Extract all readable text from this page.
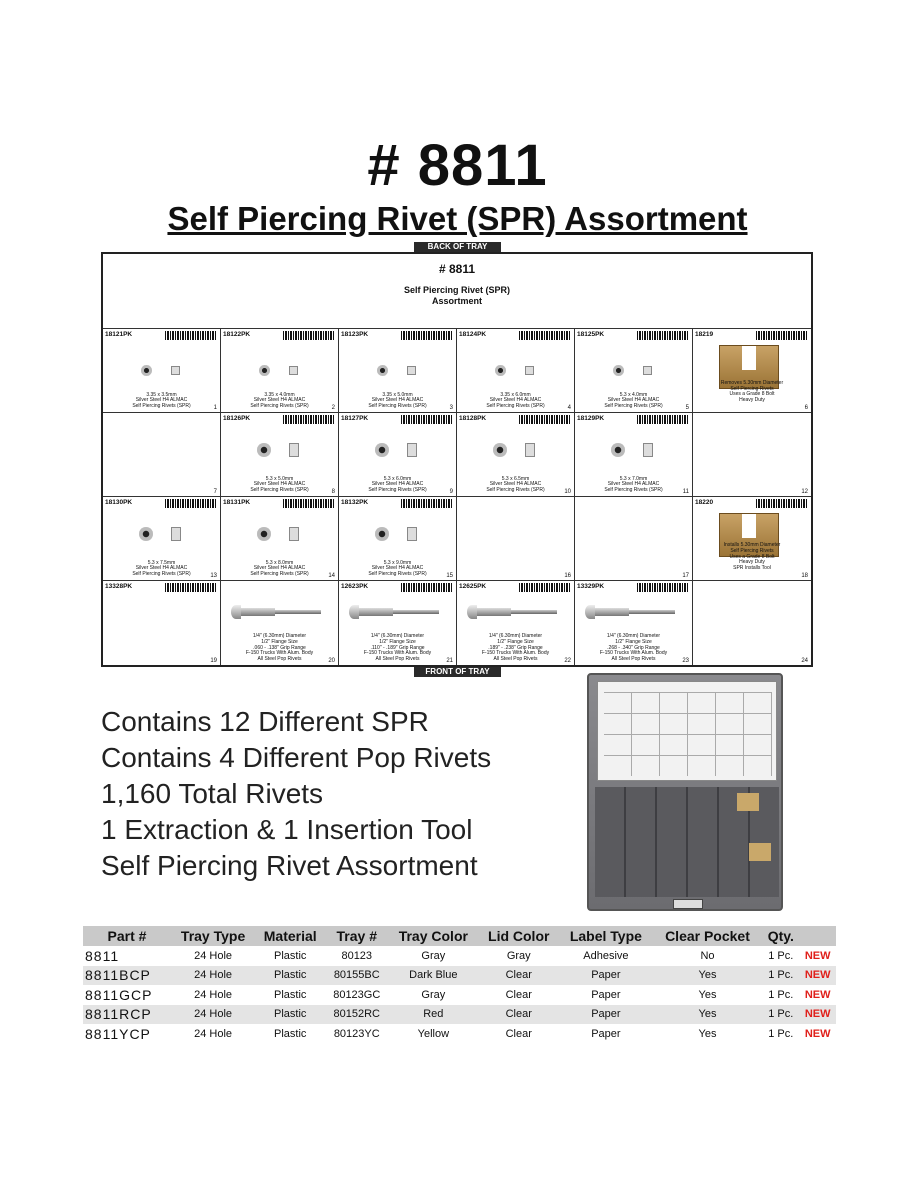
# 8811
Self Piercing Rivet (SPR) Assortment
BACK OF TRAY
# 8811
Self Piercing Rivet (SPR)
Assortment
18121PK
3.35 x 3.5mm
Silver Steel H4 ALMAC
Self Piercing Rivets (SPR)	1
18122PK
3.35 x 4.0mm
Silver Steel H4 ALMAC
Self Piercing Rivets (SPR)	2
18123PK
3.35 x 5.0mm
Silver Steel H4 ALMAC
Self Piercing Rivets (SPR)	3
18124PK
3.35 x 6.0mm
Silver Steel H4 ALMAC
Self Piercing Rivets (SPR)	4
18125PK
5.3 x 4.0mm
Silver Steel H4 ALMAC
Self Piercing Rivets (SPR)	5
18219
Removes 5.30mm Diameter
Self Piercing Rivets
Uses a Grade 8 Bolt
Heavy Duty
6
7
18126PK
5.3 x 5.0mm
Silver Steel H4 ALMAC
Self Piercing Rivets (SPR)	8
18127PK
5.3 x 6.0mm
Silver Steel H4 ALMAC
Self Piercing Rivets (SPR)	9
18128PK
5.3 x 6.5mm
Silver Steel H4 ALMAC
Self Piercing Rivets (SPR)	10
18129PK
5.3 x 7.0mm
Silver Steel H4 ALMAC
Self Piercing Rivets (SPR)	11	12
18130PK
5.3 x 7.5mm
Silver Steel H4 ALMAC
Self Piercing Rivets (SPR)	13
18131PK
5.3 x 8.0mm
Silver Steel H4 ALMAC
Self Piercing Rivets (SPR)	14
18132PK
5.3 x 9.0mm
Silver Steel H4 ALMAC
Self Piercing Rivets (SPR)	15	16	17
18220
Installs 5.30mm Diameter
Self Piercing Rivets
Uses a Grade 8 Bolt
Heavy Duty
SPR Installs Tool
18
13328PK
19
1/4" (6.30mm) Diameter
1/2" Flange Size
.060 - .138" Grip Range
F-150 Trucks With Alum. Body
All Steel Pop Rivets	20
12623PK
1/4" (6.30mm) Diameter
1/2" Flange Size
.110" - .189" Grip Range
F-150 Trucks With Alum. Body
All Steel Pop Rivets	21
12625PK
1/4" (6.30mm) Diameter
1/2" Flange Size
.189" - .238" Grip Range
F-150 Trucks With Alum. Body
All Steel Pop Rivets	22
13329PK
1/4" (6.30mm) Diameter
1/2" Flange Size
.268 - .340" Grip Range
F-150 Trucks With Alum. Body
All Steel Pop Rivets	23	24
FRONT OF TRAY
Contains 12 Different SPR
Contains 4 Different Pop Rivets
1,160 Total Rivets
1 Extraction & 1 Insertion Tool
Self Piercing Rivet Assortment
Part #	Tray Type	Material	Tray #	Tray Color	Lid Color	Label Type	Clear Pocket	Qty.	
8811	24 Hole	Plastic	80123	Gray	Gray	Adhesive	No	1 Pc.	NEW
8811BCP	24 Hole	Plastic	80155BC	Dark Blue	Clear	Paper	Yes	1 Pc.	NEW
8811GCP	24 Hole	Plastic	80123GC	Gray	Clear	Paper	Yes	1 Pc.	NEW
8811RCP	24 Hole	Plastic	80152RC	Red	Clear	Paper	Yes	1 Pc.	NEW
8811YCP	24 Hole	Plastic	80123YC	Yellow	Clear	Paper	Yes	1 Pc.	NEW
